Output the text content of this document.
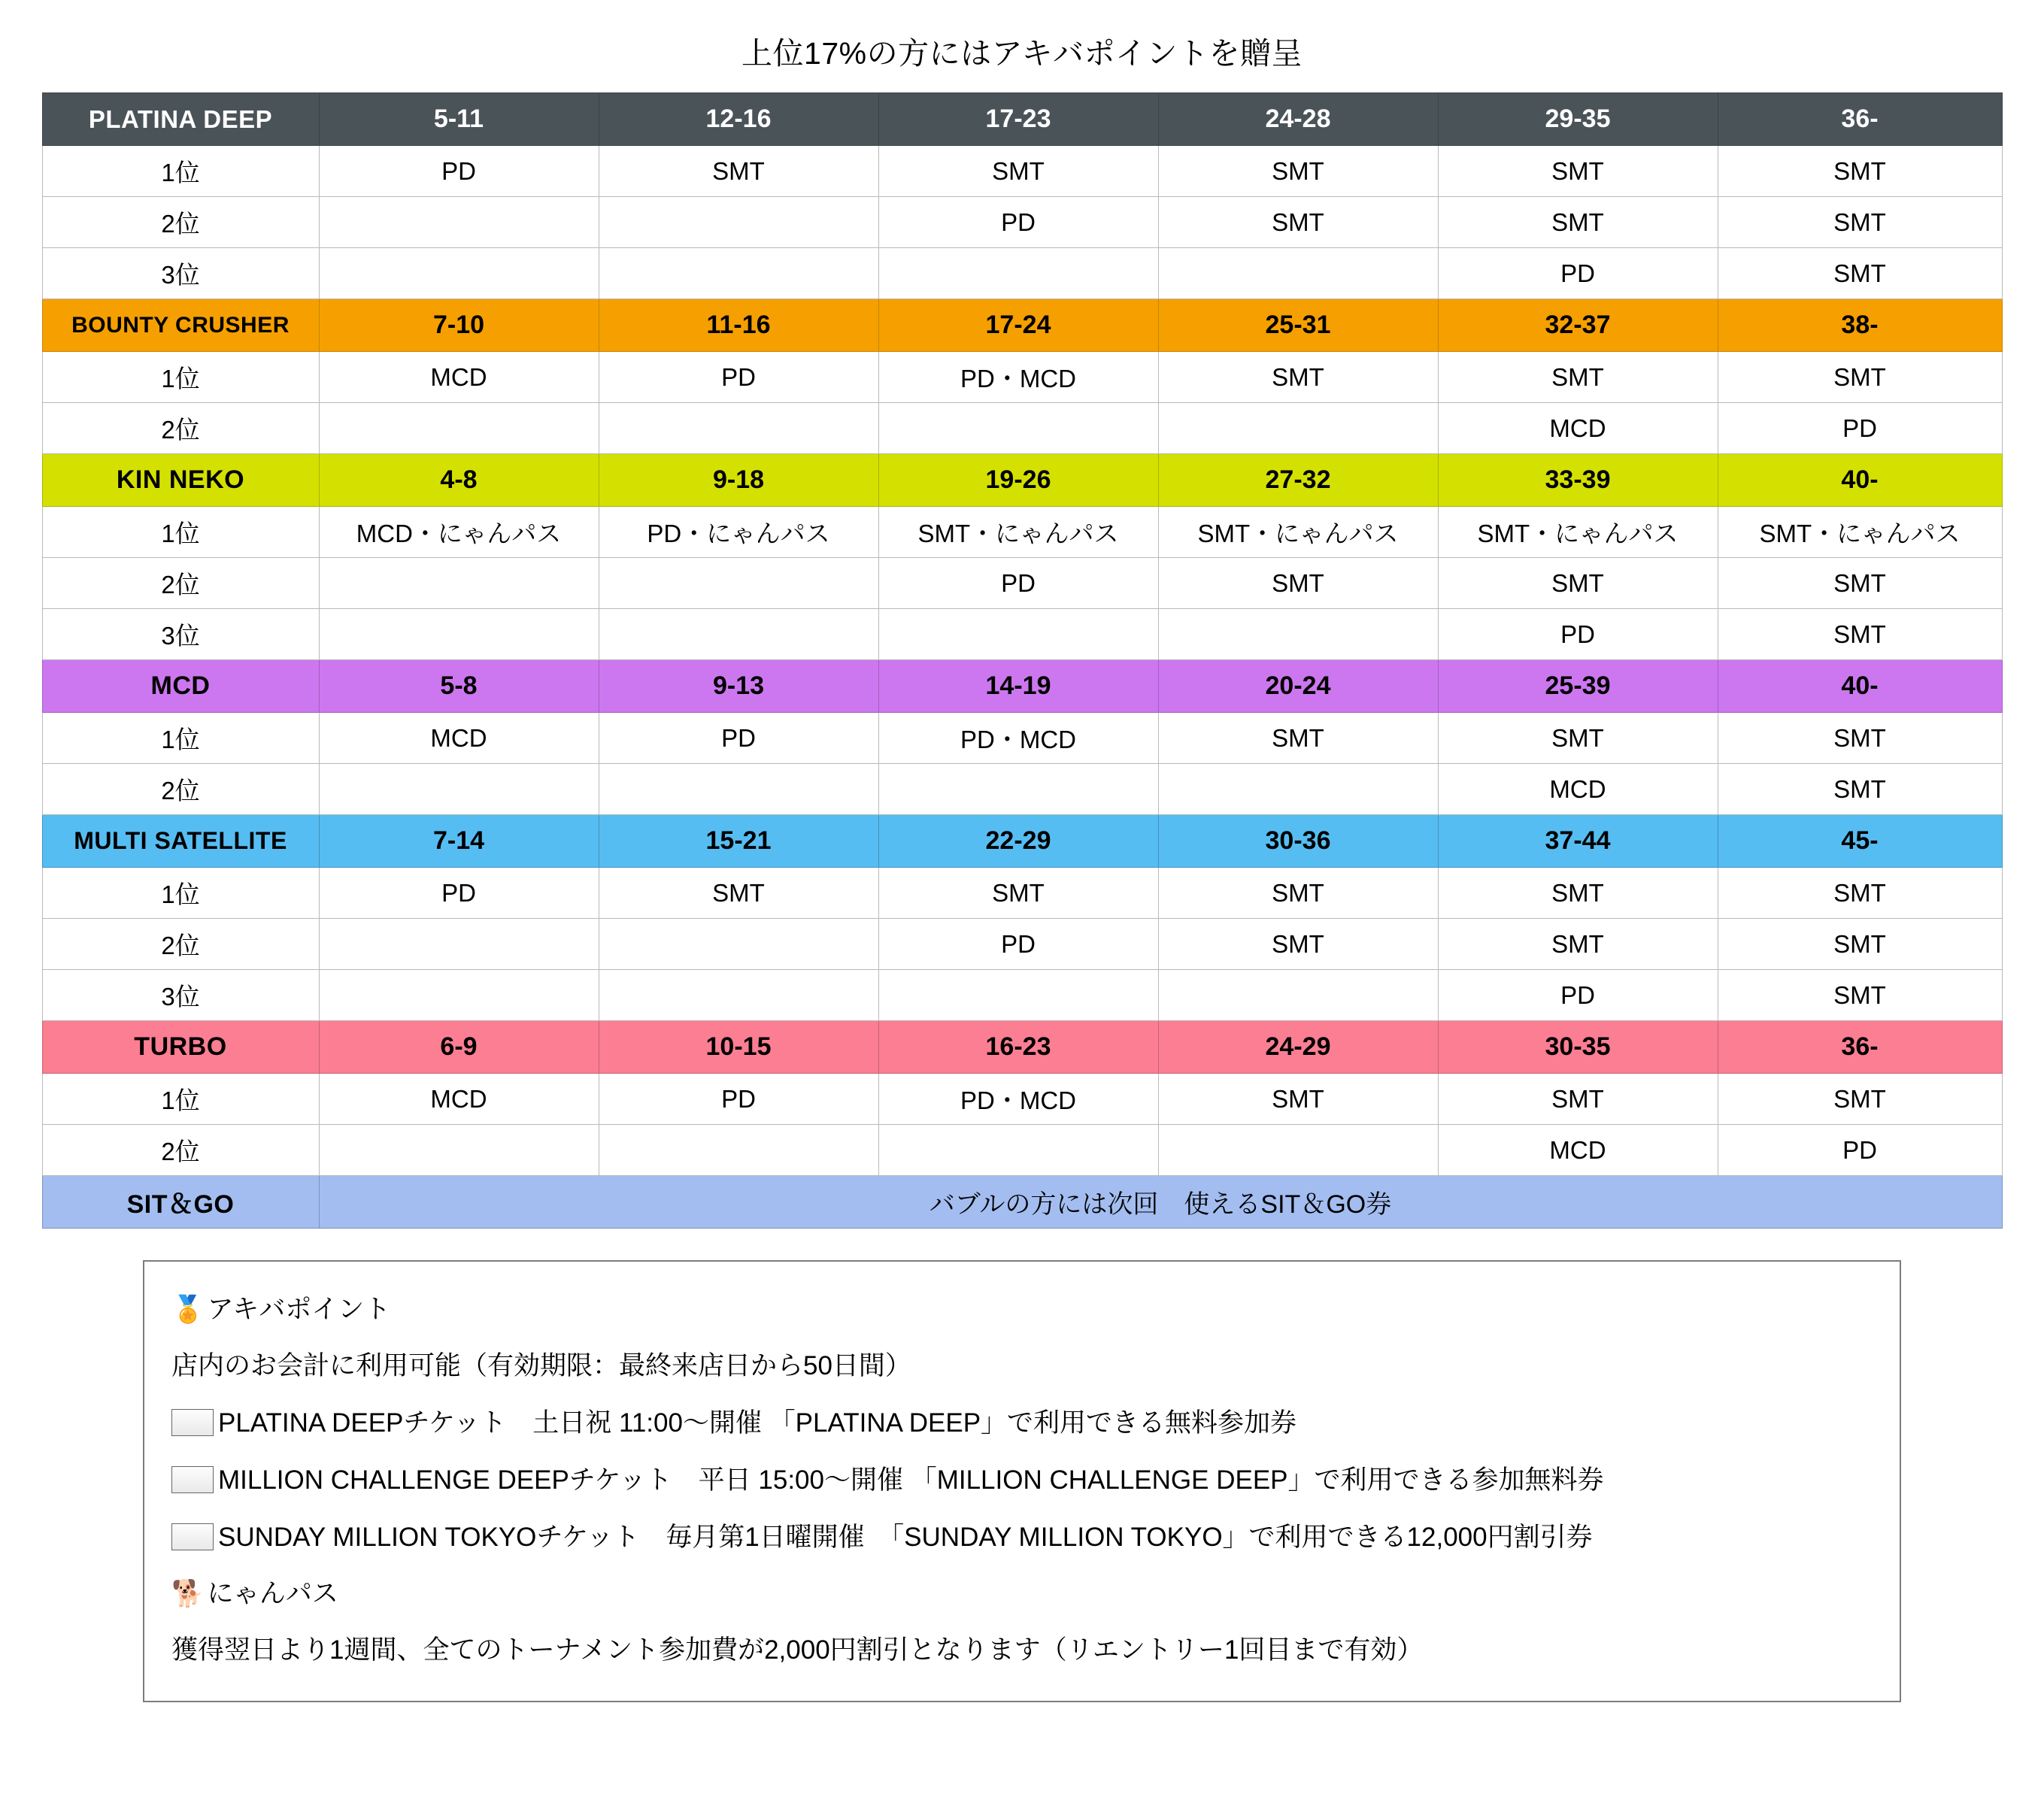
上位17%の方にはアキバポイントを贈呈
PLATINA DEEP	5-11	12-16	17-23	24-28	29-35	36-
1位	PD	SMT	SMT	SMT	SMT	SMT
2位			PD	SMT	SMT	SMT
3位					PD	SMT
BOUNTY CRUSHER	7-10	11-16	17-24	25-31	32-37	38-
1位	MCD	PD	PD・MCD	SMT	SMT	SMT
2位					MCD	PD
KIN NEKO	4-8	9-18	19-26	27-32	33-39	40-
1位	MCD・にゃんパス	PD・にゃんパス	SMT・にゃんパス	SMT・にゃんパス	SMT・にゃんパス	SMT・にゃんパス
2位			PD	SMT	SMT	SMT
3位					PD	SMT
MCD	5-8	9-13	14-19	20-24	25-39	40-
1位	MCD	PD	PD・MCD	SMT	SMT	SMT
2位					MCD	SMT
MULTI SATELLITE	7-14	15-21	22-29	30-36	37-44	45-
1位	PD	SMT	SMT	SMT	SMT	SMT
2位			PD	SMT	SMT	SMT
3位					PD	SMT
TURBO	6-9	10-15	16-23	24-29	30-35	36-
1位	MCD	PD	PD・MCD	SMT	SMT	SMT
2位					MCD	PD
SIT＆GO	バブルの方には次回　使えるSIT＆GO券					
🏅 アキバポイント
店内のお会計に利用可能（有効期限：最終来店日から50日間）
PLATINA DEEPチケット　土日祝 11:00〜開催 「PLATINA DEEP」で利用できる無料参加券
MILLION CHALLENGE DEEPチケット　平日 15:00〜開催 「MILLION CHALLENGE DEEP」で利用できる参加無料券
SUNDAY MILLION TOKYOチケット　毎月第1日曜開催　「SUNDAY MILLION TOKYO」で利用できる12,000円割引券
🐕 にゃんパス
獲得翌日より1週間、全てのトーナメント参加費が2,000円割引となります（リエントリー1回目まで有効）
